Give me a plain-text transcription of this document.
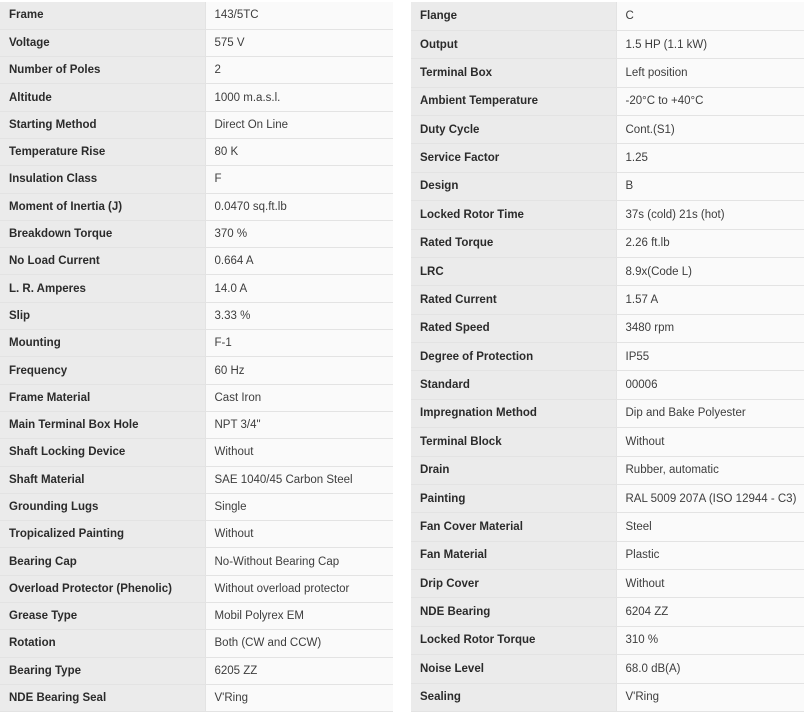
Frame	143/5TC
Voltage	575 V
Number of Poles	2
Altitude	1000 m.a.s.l.
Starting Method	Direct On Line
Temperature Rise	80 K
Insulation Class	F
Moment of Inertia (J)	0.0470 sq.ft.lb
Breakdown Torque	370 %
No Load Current	0.664 A
L. R. Amperes	14.0 A
Slip	3.33 %
Mounting	F-1
Frequency	60 Hz
Frame Material	Cast Iron
Main Terminal Box Hole	NPT 3/4"
Shaft Locking Device	Without
Shaft Material	SAE 1040/45 Carbon Steel
Grounding Lugs	Single
Tropicalized Painting	Without
Bearing Cap	No-Without Bearing Cap
Overload Protector (Phenolic)	Without overload protector
Grease Type	Mobil Polyrex EM
Rotation	Both (CW and CCW)
Bearing Type	6205 ZZ
NDE Bearing Seal	V'Ring
Flange	C
Output	1.5 HP (1.1 kW)
Terminal Box	Left position
Ambient Temperature	-20°C to +40°C
Duty Cycle	Cont.(S1)
Service Factor	1.25
Design	B
Locked Rotor Time	37s (cold) 21s (hot)
Rated Torque	2.26 ft.lb
LRC	8.9x(Code L)
Rated Current	1.57 A
Rated Speed	3480 rpm
Degree of Protection	IP55
Standard	00006
Impregnation Method	Dip and Bake Polyester
Terminal Block	Without
Drain	Rubber, automatic
Painting	RAL 5009 207A (ISO 12944 - C3)
Fan Cover Material	Steel
Fan Material	Plastic
Drip Cover	Without
NDE Bearing	6204 ZZ
Locked Rotor Torque	310 %
Noise Level	68.0 dB(A)
Sealing	V'Ring
